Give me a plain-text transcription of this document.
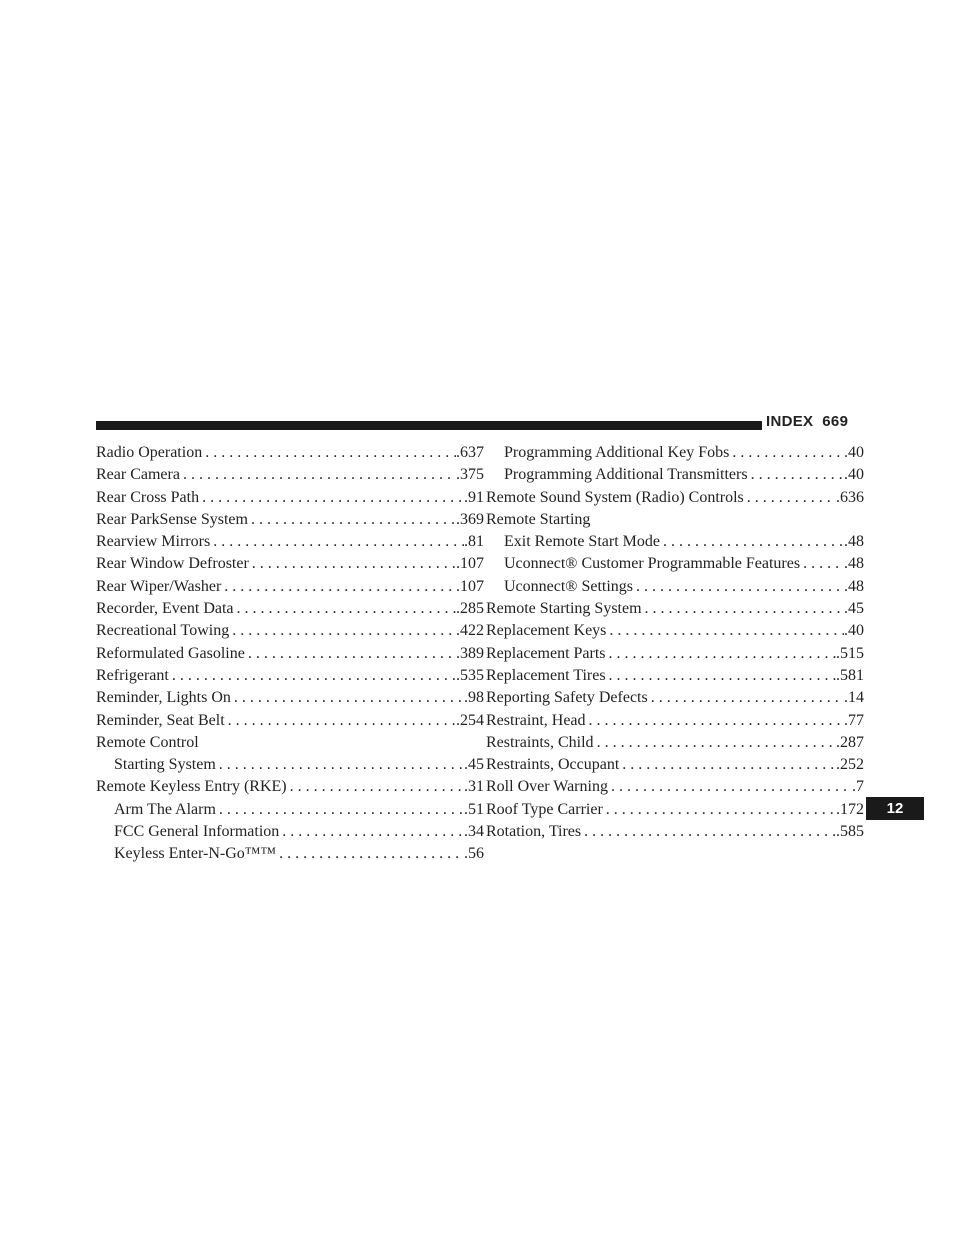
INDEX 669
Radio Operation . . .	.637
Rear Camera . . .	.375
Rear Cross Path . . .	.91
Rear ParkSense System . . .	.369
Rearview Mirrors . . .	.81
Rear Window Defroster . . .	.107
Rear Wiper/Washer . . .	.107
Recorder, Event Data . . .	.285
Recreational Towing . . .	.422
Reformulated Gasoline . . .	.389
Refrigerant . . .	.535
Reminder, Lights On . . .	.98
Reminder, Seat Belt . . .	.254
Remote Control
Starting System . . .	.45
Remote Keyless Entry (RKE) . . .	.31
Arm The Alarm . . .	.51
FCC General Information . . .	.34
Keyless Enter-N-Go™™ . . .	.56
Programming Additional Key Fobs . . .	.40
Programming Additional Transmitters . . .	.40
Remote Sound System (Radio) Controls . . .	.636
Remote Starting
Exit Remote Start Mode . . .	.48
Uconnect® Customer Programmable Features . . .	.48
Uconnect® Settings . . .	.48
Remote Starting System . . .	.45
Replacement Keys . . .	.40
Replacement Parts . . .	.515
Replacement Tires . . .	.581
Reporting Safety Defects . . .	.14
Restraint, Head . . .	.77
Restraints, Child . . .	.287
Restraints, Occupant . . .	.252
Roll Over Warning . . .	.7
Roof Type Carrier . . .	.172
Rotation, Tires . . .	.585
12
